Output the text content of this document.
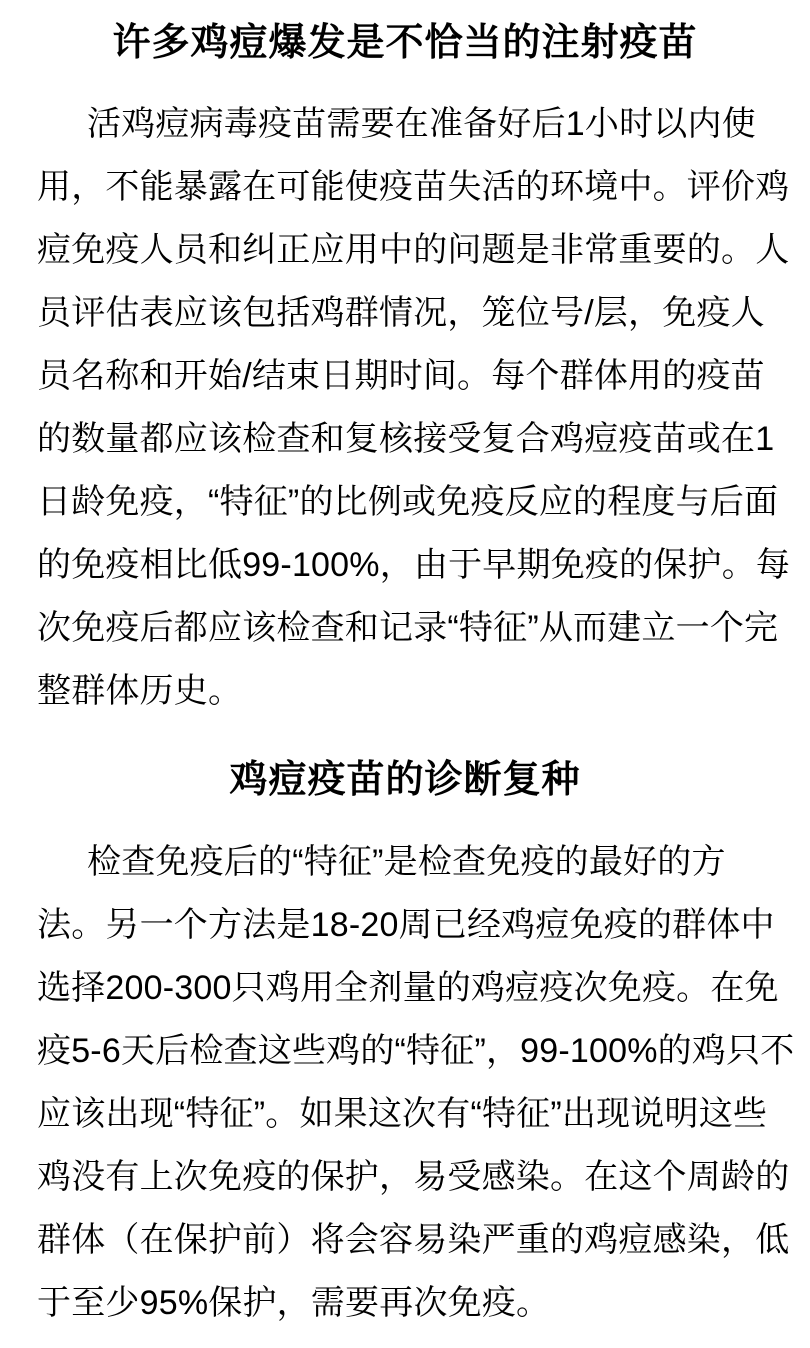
许多鸡痘爆发是不恰当的注射疫苗
活鸡痘病毒疫苗需要在准备好后1小时以内使
用，不能暴露在可能使疫苗失活的环境中。评价鸡
痘免疫人员和纠正应用中的问题是非常重要的。人
员评估表应该包括鸡群情况，笼位号/层，免疫人
员名称和开始/结束日期时间。每个群体用的疫苗
的数量都应该检查和复核接受复合鸡痘疫苗或在1
日龄免疫，“特征”的比例或免疫反应的程度与后面
的免疫相比低99-100%，由于早期免疫的保护。每
次免疫后都应该检查和记录“特征”从而建立一个完
整群体历史。
鸡痘疫苗的诊断复种
检查免疫后的“特征”是检查免疫的最好的方
法。另一个方法是18-20周已经鸡痘免疫的群体中
选择200-300只鸡用全剂量的鸡痘疫次免疫。在免
疫5-6天后检查这些鸡的“特征”，99-100%的鸡只不
应该出现“特征”。如果这次有“特征”出现说明这些
鸡没有上次免疫的保护，易受感染。在这个周龄的
群体（在保护前）将会容易染严重的鸡痘感染，低
于至少95%保护，需要再次免疫。
